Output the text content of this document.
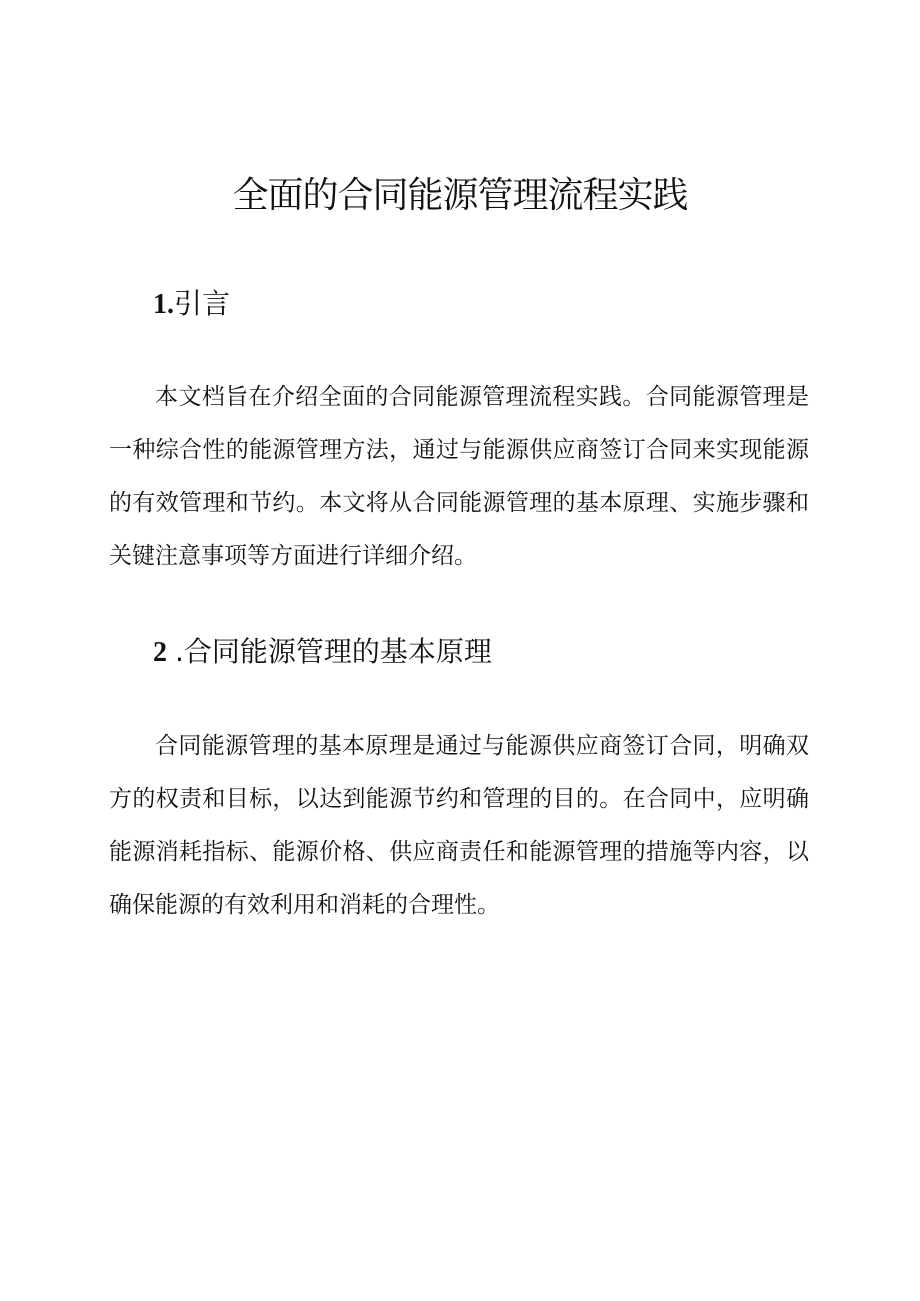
全面的合同能源管理流程实践
1.引言

本文档旨在介绍全面的合同能源管理流程实践。合同能源管理是一种综合性的能源管理方法，通过与能源供应商签订合同来实现能源的有效管理和节约。本文将从合同能源管理的基本原理、实施步骤和关键注意事项等方面进行详细介绍。

2 .合同能源管理的基本原理

合同能源管理的基本原理是通过与能源供应商签订合同，明确双方的权责和目标，以达到能源节约和管理的目的。在合同中，应明确能源消耗指标、能源价格、供应商责任和能源管理的措施等内容，以确保能源的有效利用和消耗的合理性。
